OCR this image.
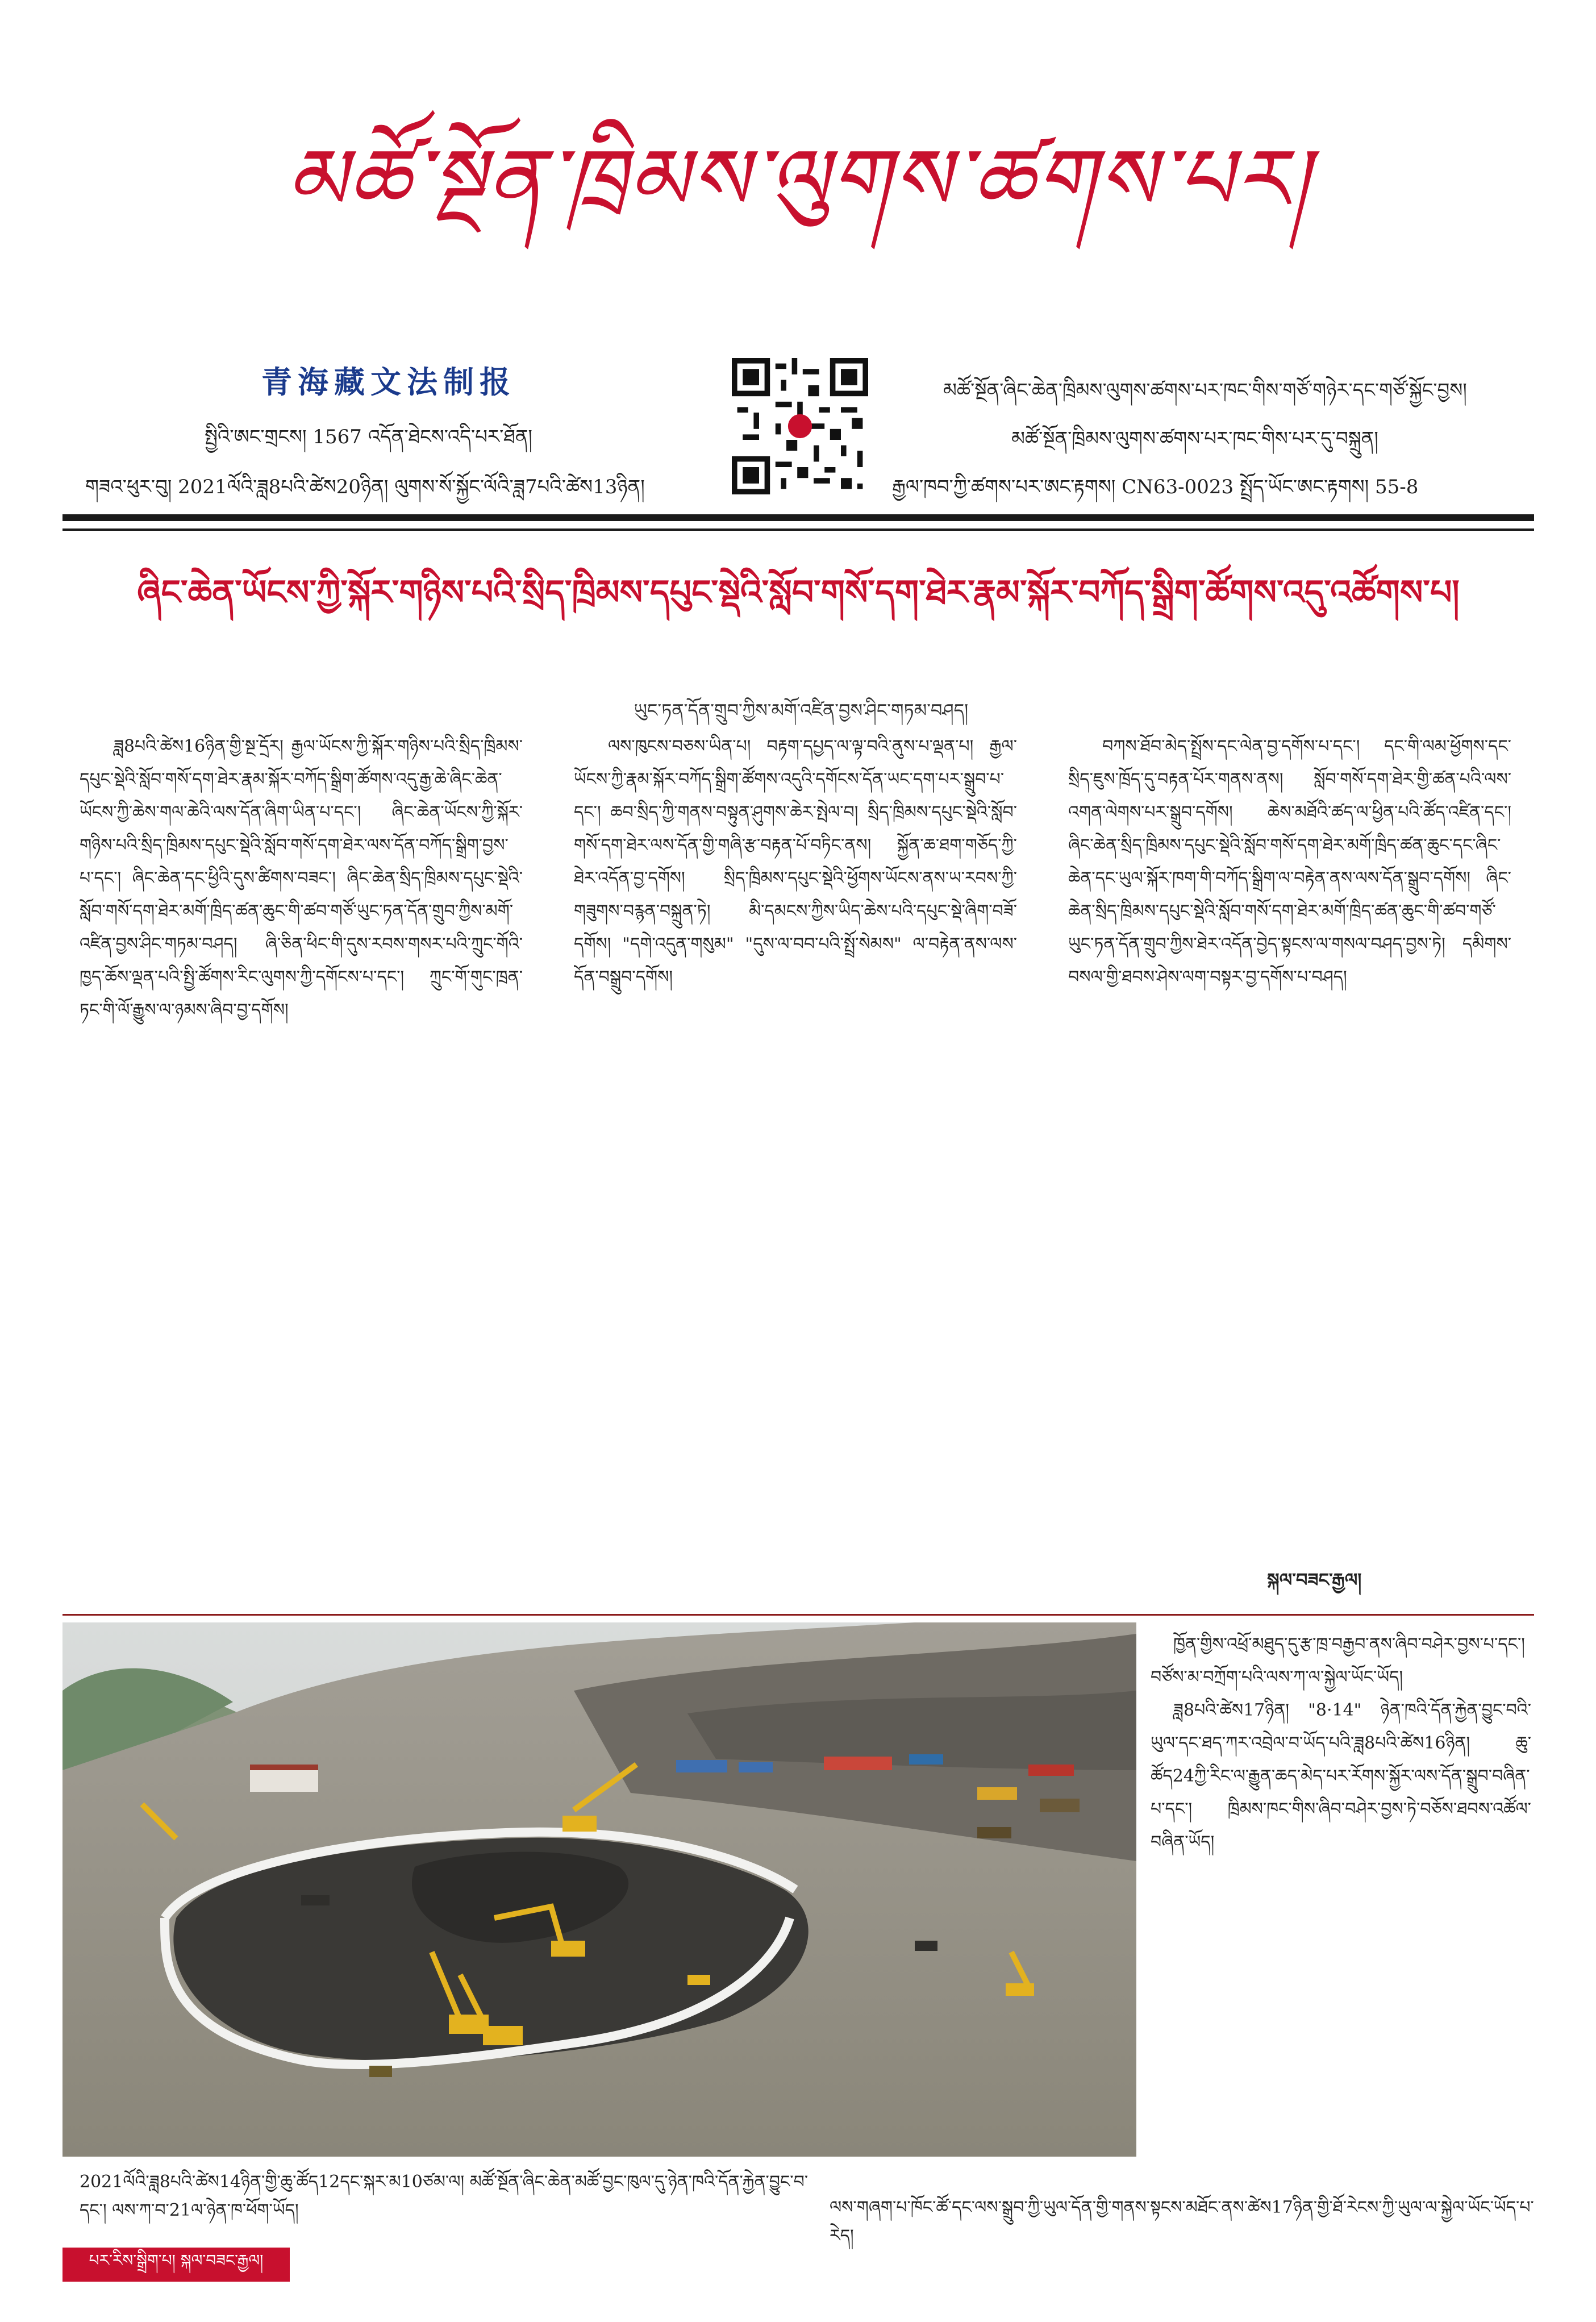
མཚོ་སྔོན་ཁྲིམས་ལུགས་ཚགས་པར།
青海藏文法制报
སྤྱིའི་ཨང་གྲངས། 1567 འདོན་ཐེངས་འདི་པར་ཐོན།
གཟའ་ཕུར་བུ། 2021ལོའི་ཟླ8པའི་ཚེས20ཉིན། ལུགས་སོ་སྐྱོང་ལོའི་ཟླ7པའི་ཚེས13ཉིན།
མཚོ་སྔོན་ཞིང་ཆེན་ཁྲིམས་ལུགས་ཚགས་པར་ཁང་གིས་གཙོ་གཉེར་དང་གཙོ་སྐྱོང་བྱས།
མཚོ་སྔོན་ཁྲིམས་ལུགས་ཚགས་པར་ཁང་གིས་པར་དུ་བསྐྲུན།
རྒྱལ་ཁབ་ཀྱི་ཚགས་པར་ཨང་རྟགས། CN63-0023 སྤྲོད་ཡོང་ཨང་རྟགས། 55-8
ཞིང་ཆེན་ཡོངས་ཀྱི་སྐོར་གཉིས་པའི་སྲིད་ཁྲིམས་དཔུང་སྡེའི་སློབ་གསོ་དག་ཐེར་རྣམ་སྐོར་བཀོད་སྒྲིག་ཚོགས་འདུ་འཚོགས་པ།
ཡུང་ཏན་དོན་གྲུབ་ཀྱིས་མགོ་འཛིན་བྱས་ཤིང་གཏམ་བཤད།

ཟླ8པའི་ཚེས16ཉིན་གྱི་སྔ་དྲོར། རྒྱལ་ཡོངས་ཀྱི་སྐོར་གཉིས་པའི་སྲིད་ཁྲིམས་དཔུང་སྡེའི་སློབ་གསོ་དག་ཐེར་རྣམ་སྐོར་བཀོད་སྒྲིག་ཚོགས་འདུ་རྒྱ་ཆེ་ཞིང་ཆེན་ཡོངས་ཀྱི་ཆེས་གལ་ཆེའི་ལས་དོན་ཞིག་ཡིན་པ་དང་། ཞིང་ཆེན་ཡོངས་ཀྱི་སྐོར་གཉིས་པའི་སྲིད་ཁྲིམས་དཔུང་སྡེའི་སློབ་གསོ་དག་ཐེར་ལས་དོན་བཀོད་སྒྲིག་བྱས་པ་དང་། ཞིང་ཆེན་དང་ཕྱིའི་དུས་ཚིགས་བཟང་། ཞིང་ཆེན་སྲིད་ཁྲིམས་དཔུང་སྡེའི་སློབ་གསོ་དག་ཐེར་མགོ་ཁྲིད་ཚན་ཆུང་གི་ཚབ་གཙོ་ཡུང་ཏན་དོན་གྲུབ་ཀྱིས་མགོ་འཛིན་བྱས་ཤིང་གཏམ་བཤད། ཞི་ཅིན་ཕིང་གི་དུས་རབས་གསར་པའི་ཀྲུང་གོའི་ཁྱད་ཆོས་ལྡན་པའི་སྤྱི་ཚོགས་རིང་ལུགས་ཀྱི་དགོངས་པ་དང་། ཀྲུང་གོ་གུང་ཁྲན་ཏང་གི་ལོ་རྒྱུས་ལ་ཉམས་ཞིབ་བྱ་དགོས།

ལས་ཁུངས་བཅས་ཡིན་པ། བརྟག་དཔྱད་ལ་ལྟ་བའི་ནུས་པ་ལྡན་པ། རྒྱལ་ཡོངས་ཀྱི་རྣམ་སྐོར་བཀོད་སྒྲིག་ཚོགས་འདུའི་དགོངས་དོན་ཡང་དག་པར་སྒྲུབ་པ་དང་། ཆབ་སྲིད་ཀྱི་གནས་བསྟུན་ཤུགས་ཆེར་སྤེལ་བ། སྲིད་ཁྲིམས་དཔུང་སྡེའི་སློབ་གསོ་དག་ཐེར་ལས་དོན་གྱི་གཞི་རྩ་བརྟན་པོ་བཏིང་ནས། སྐྱོན་ཆ་ཐག་གཅོད་ཀྱི་ཐེར་འདོན་བྱ་དགོས། སྲིད་ཁྲིམས་དཔུང་སྡེའི་ཕྱོགས་ཡོངས་ནས་ཡ་རབས་ཀྱི་གཟུགས་བརྙན་བསྐྲུན་ཏེ། མི་དམངས་ཀྱིས་ཡིད་ཆེས་པའི་དཔུང་སྡེ་ཞིག་བཟོ་དགོས། "དགེ་འདུན་གསུམ" "དུས་ལ་བབ་པའི་སྤྲོ་སེམས" ལ་བརྟེན་ནས་ལས་དོན་བསྒྲུབ་དགོས།

བཀས་ཐོབ་མེད་སྤྲོས་དང་ལེན་བྱ་དགོས་པ་དང་། དང་གི་ལམ་ཕྱོགས་དང་སྲིད་ཇུས་ཁྲོད་དུ་བརྟན་པོར་གནས་ནས། སློབ་གསོ་དག་ཐེར་གྱི་ཚན་པའི་ལས་འགན་ལེགས་པར་སྒྲུབ་དགོས། ཆེས་མཐོའི་ཚད་ལ་ཕྱིན་པའི་ཚོད་འཛིན་དང་། ཞིང་ཆེན་སྲིད་ཁྲིམས་དཔུང་སྡེའི་སློབ་གསོ་དག་ཐེར་མགོ་ཁྲིད་ཚན་ཆུང་དང་ཞིང་ཆེན་དང་ཡུལ་སྐོར་ཁག་གི་བཀོད་སྒྲིག་ལ་བརྟེན་ནས་ལས་དོན་སྒྲུབ་དགོས། ཞིང་ཆེན་སྲིད་ཁྲིམས་དཔུང་སྡེའི་སློབ་གསོ་དག་ཐེར་མགོ་ཁྲིད་ཚན་ཆུང་གི་ཚབ་གཙོ་ཡུང་ཏན་དོན་གྲུབ་ཀྱིས་ཐེར་འདོན་བྱེད་སྟངས་ལ་གསལ་བཤད་བྱས་ཏེ། དམིགས་བསལ་གྱི་ཐབས་ཤེས་ལག་བསྟར་བྱ་དགོས་པ་བཤད།

སྐལ་བཟང་རྒྱལ།

ཁྱོན་གྱིས་འཕྲོ་མཐུད་དུ་རྩ་ཁྲ་བརྒྱབ་ནས་ཞིབ་བཤེར་བྱས་པ་དང་། བཙོས་མ་བཀྲོག་པའི་ལས་ཀ་ལ་སྐྱེལ་ཡོང་ཡོད།

ཟླ8པའི་ཚེས17ཉིན། "8·14" ཉེན་ཁའི་དོན་རྐྱེན་བྱུང་བའི་ཡུལ་དང་ཐད་ཀར་འབྲེལ་བ་ཡོད་པའི་ཟླ8པའི་ཚེས16ཉིན། ཆུ་ཚོད24ཀྱི་རིང་ལ་རྒྱུན་ཆད་མེད་པར་རོགས་སྐྱོར་ལས་དོན་སྒྲུབ་བཞིན་པ་དང་། ཁྲིམས་ཁང་གིས་ཞིབ་བཤེར་བྱས་ཏེ་བཅོས་ཐབས་འཚོལ་བཞིན་ཡོད།

2021ལོའི་ཟླ8པའི་ཚེས14ཉིན་གྱི་ཆུ་ཚོད12དང་སྐར་མ10ཙམ་ལ། མཚོ་སྔོན་ཞིང་ཆེན་མཚོ་བྱང་ཁུལ་དུ་ཉེན་ཁའི་དོན་རྐྱེན་བྱུང་བ་དང་། ལས་ཀ་བ་21ལ་ཉེན་ཁ་ཕོག་ཡོད།	ལས་གཞག་པ་ཁོང་ཚོ་དང་ལས་སྒྲུབ་ཀྱི་ཡུལ་དོན་གྱི་གནས་སྟངས་མཐོང་ནས་ཚེས17ཉིན་གྱི་ཐོ་རེངས་ཀྱི་ཡུལ་ལ་སྐྱེལ་ཡོང་ཡོད་པ་རེད།
པར་རིས་སྒྲིག་པ། སྐལ་བཟང་རྒྱལ།
